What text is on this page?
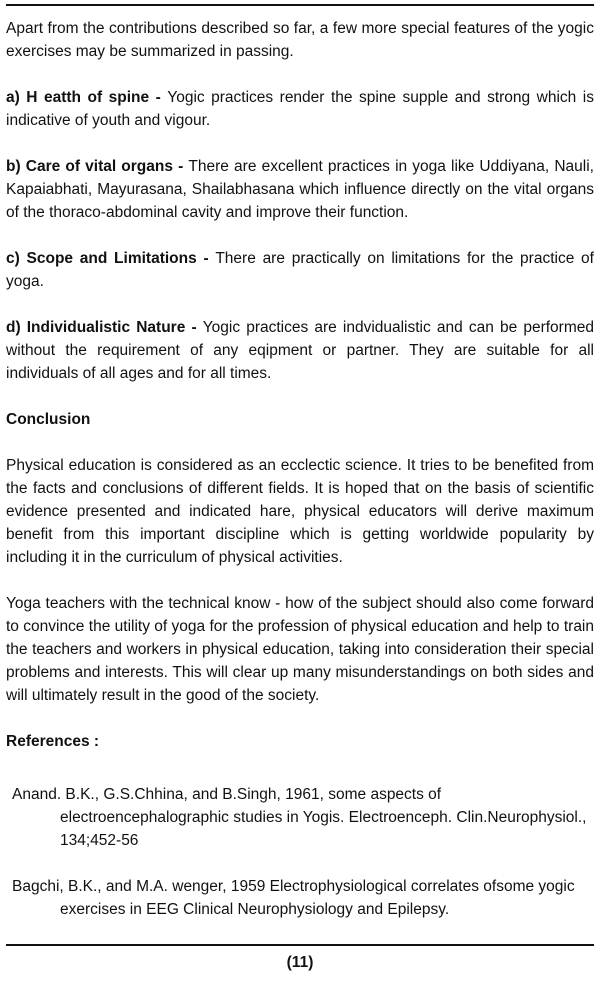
Apart from the contributions described so far, a few more special features of the yogic exercises may be summarized in passing.

a) H eatth of spine - Yogic practices render the spine supple and strong which is indicative of youth and vigour.

b) Care of vital organs - There are excellent practices in yoga like Uddiyana, Nauli, Kapaiabhati, Mayurasana, Shailabhasana which influence directly on the vital organs of the thoraco-abdominal cavity and improve their function.

c) Scope and Limitations - There are practically on limitations for the practice of yoga.

d) Individualistic Nature - Yogic practices are indvidualistic and can be performed without the requirement of any eqipment or partner. They are suitable for all individuals of all ages and for all times.

Conclusion

Physical education is considered as an ecclectic science. It tries to be benefited from the facts and conclusions of different fields. It is hoped that on the basis of scientific evidence presented and indicated hare, physical educators will derive maximum benefit from this important discipline which is getting worldwide popularity by including it in the curriculum of physical activities.

Yoga teachers with the technical know - how of the subject should also come forward to convince the utility of yoga for the profession of physical education and help to train the teachers and workers in physical education, taking into consideration their special problems and interests. This will clear up many misunderstandings on both sides and will ultimately result in the good of the society.

References :

Anand. B.K., G.S.Chhina, and B.Singh, 1961, some aspects of electroencephalographic studies in Yogis. Electroenceph. Clin.Neurophysiol., 134;452-56

Bagchi, B.K., and M.A. wenger, 1959 Electrophysiological correlates ofsome yogic exercises in EEG Clinical Neurophysiology and Epilepsy.

(11)
